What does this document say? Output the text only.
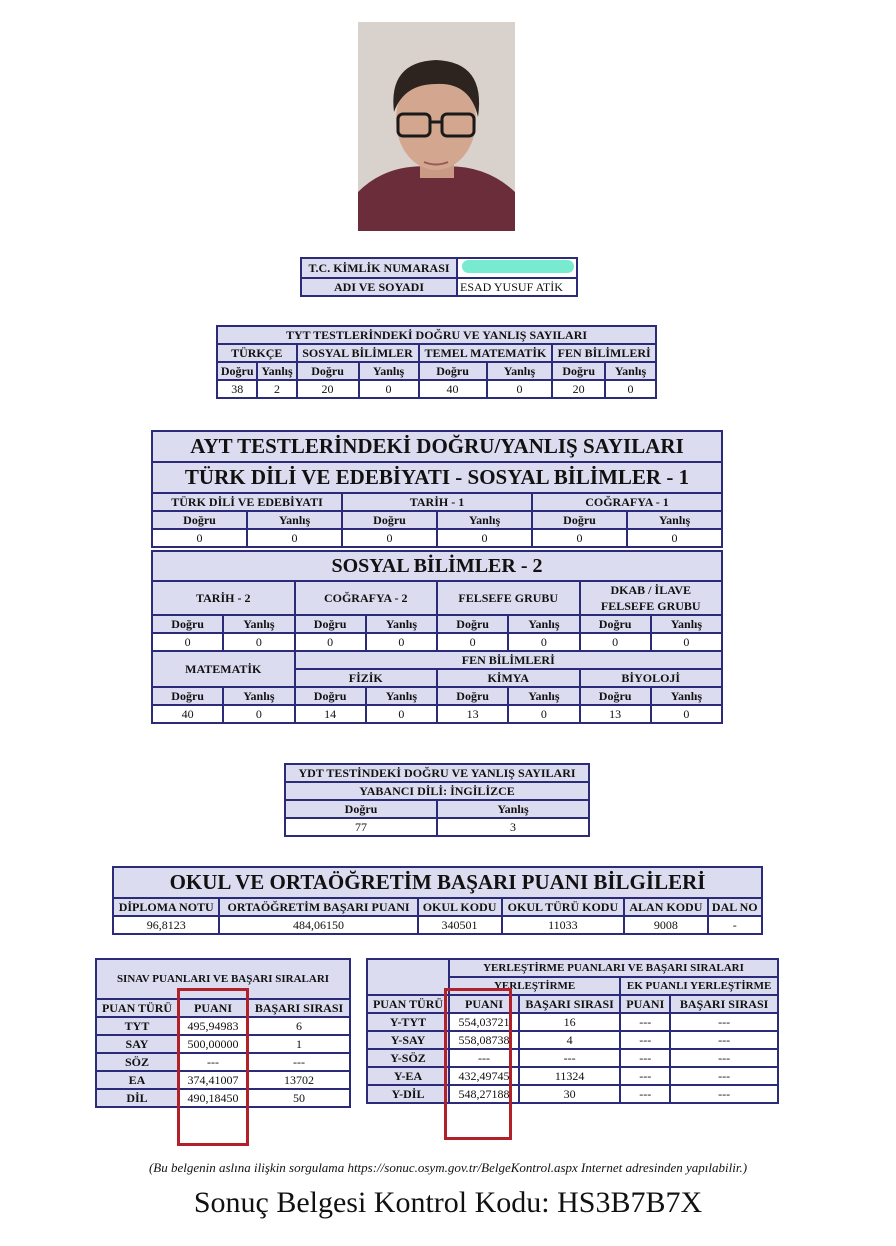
T.C. KİMLİK NUMARASI	
ADI VE SOYADI	ESAD YUSUF ATİK
TYT TESTLERİNDEKİ DOĞRU VE YANLIŞ SAYILARI							
TÜRKÇE		SOSYAL BİLİMLER		TEMEL MATEMATİK		FEN BİLİMLERİ	
Doğru	Yanlış	Doğru	Yanlış	Doğru	Yanlış	Doğru	Yanlış
38	2	20	0	40	0	20	0
AYT TESTLERİNDEKİ DOĞRU/YANLIŞ SAYILARI					
TÜRK DİLİ VE EDEBİYATI - SOSYAL BİLİMLER - 1					
TÜRK DİLİ VE EDEBİYATI		TARİH - 1		COĞRAFYA - 1	
Doğru	Yanlış	Doğru	Yanlış	Doğru	Yanlış
0	0	0	0	0	0
SOSYAL BİLİMLER - 2							
TARİH - 2		COĞRAFYA - 2		FELSEFE GRUBU		DKAB / İLAVE
FELSEFE GRUBU	

Doğru	Yanlış	Doğru	Yanlış	Doğru	Yanlış	Doğru	Yanlış
0	0	0	0	0	0	0	0
MATEMATİK		FEN BİLİMLERİ					
		FİZİK		KİMYA		BİYOLOJİ	
Doğru	Yanlış	Doğru	Yanlış	Doğru	Yanlış	Doğru	Yanlış
40	0	14	0	13	0	13	0
YDT TESTİNDEKİ DOĞRU VE YANLIŞ SAYILARI	
YABANCI DİLİ: İNGİLİZCE	
Doğru	Yanlış
77	3
OKUL VE ORTAÖĞRETİM BAŞARI PUANI BİLGİLERİ					
DİPLOMA NOTU	ORTAÖĞRETİM BAŞARI PUANI	OKUL KODU	OKUL TÜRÜ KODU	ALAN KODU	DAL NO
96,8123	484,06150	340501	11033	9008	-
SINAV PUANLARI VE BAŞARI SIRALARI		
PUAN TÜRÜ	PUANI	BAŞARI SIRASI
TYT	495,94983	6
SAY	500,00000	1
SÖZ	---	---
EA	374,41007	13702
DİL	490,18450	50
	YERLEŞTİRME PUANLARI VE BAŞARI SIRALARI			
	YERLEŞTİRME		EK PUANLI YERLEŞTİRME	
PUAN TÜRÜ	PUANI	BAŞARI SIRASI	PUANI	BAŞARI SIRASI
Y-TYT	554,03721	16	---	---
Y-SAY	558,08738	4	---	---
Y-SÖZ	---	---	---	---
Y-EA	432,49745	11324	---	---
Y-DİL	548,27188	30	---	---
(Bu belgenin aslına ilişkin sorgulama https://sonuc.osym.gov.tr/BelgeKontrol.aspx Internet adresinden yapılabilir.)
Sonuç Belgesi Kontrol Kodu: HS3B7B7X
